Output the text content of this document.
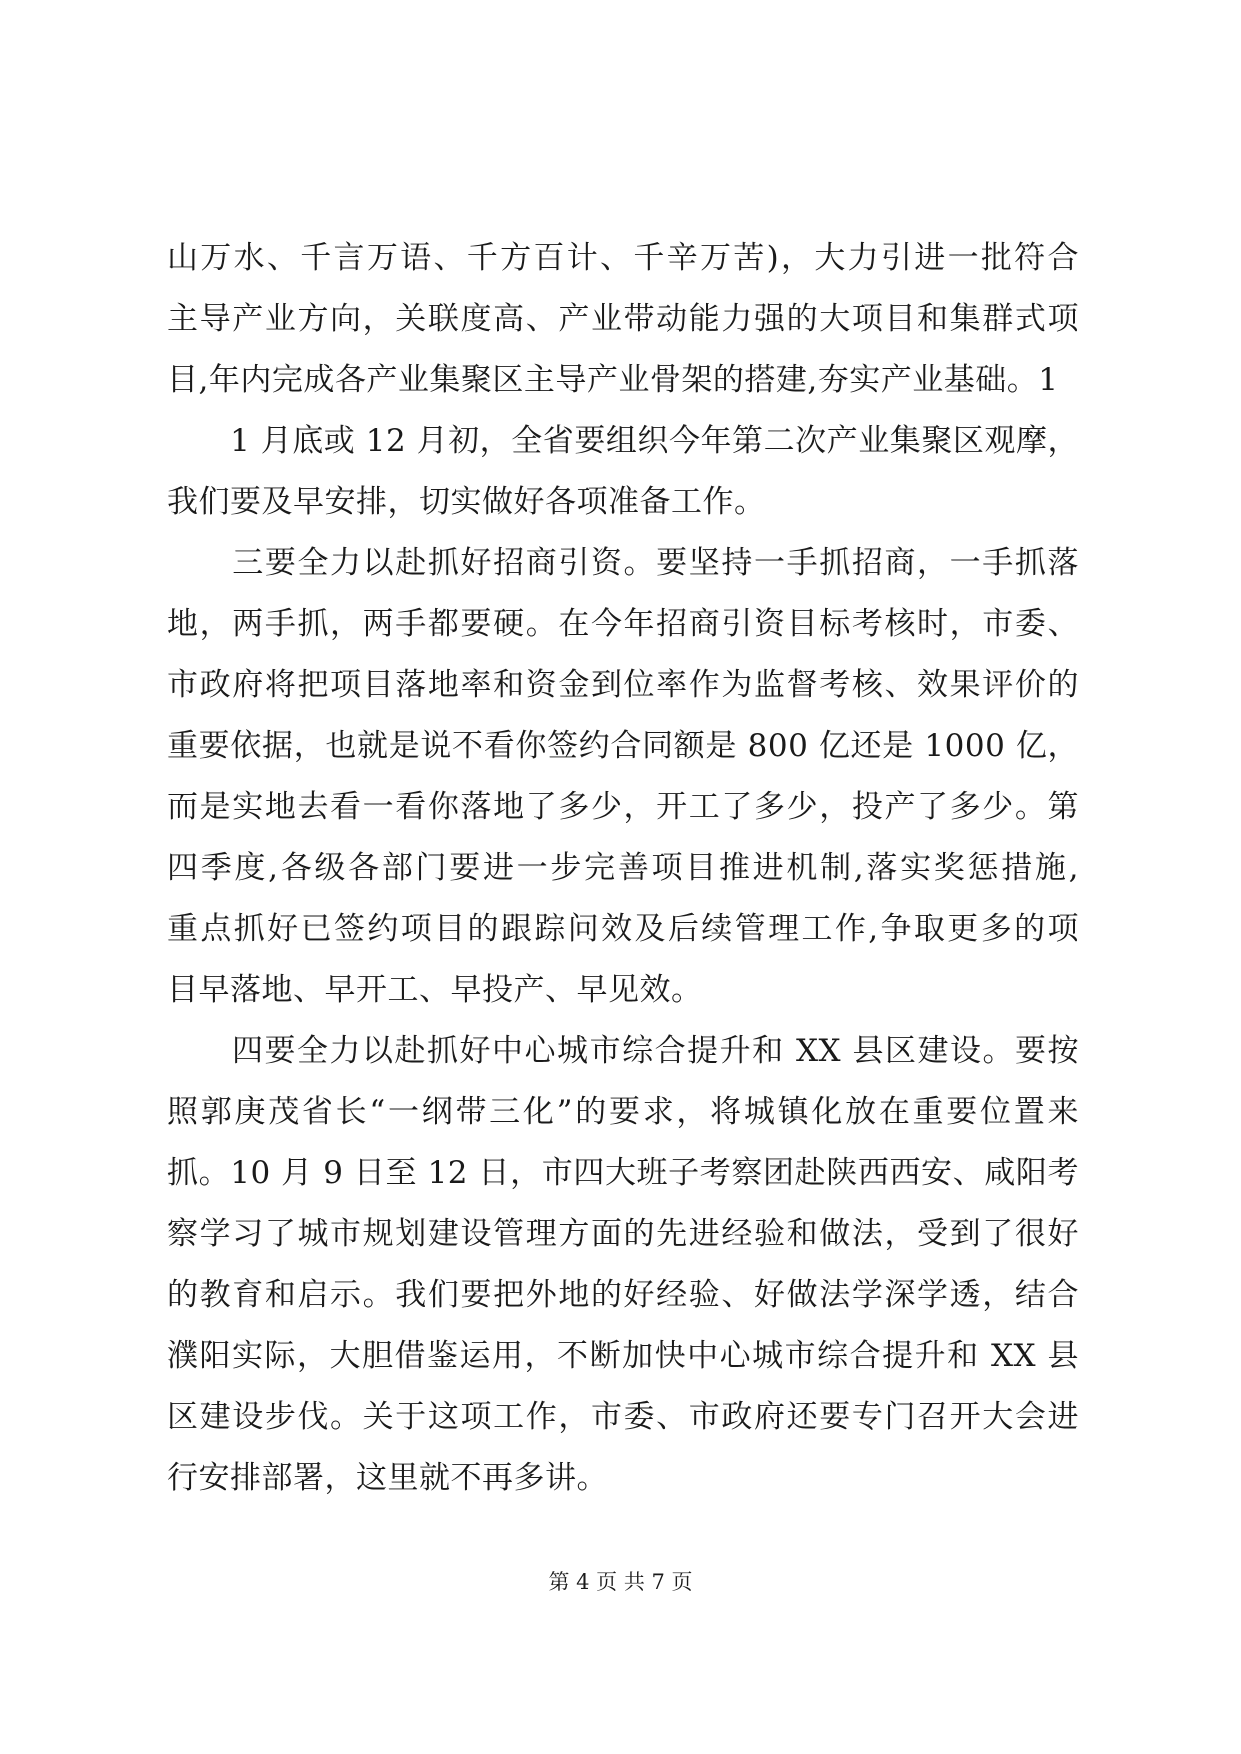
山万水、千言万语、千方百计、千辛万苦)，大力引进一批符合
主导产业方向，关联度高、产业带动能力强的大项目和集群式项
目,年内完成各产业集聚区主导产业骨架的搭建,夯实产业基础。1
　　1 月底或 12 月初，全省要组织今年第二次产业集聚区观摩，
我们要及早安排，切实做好各项准备工作。
　　三要全力以赴抓好招商引资。要坚持一手抓招商，一手抓落
地，两手抓，两手都要硬。在今年招商引资目标考核时，市委、
市政府将把项目落地率和资金到位率作为监督考核、效果评价的
重要依据，也就是说不看你签约合同额是 800 亿还是 1000 亿，
而是实地去看一看你落地了多少，开工了多少，投产了多少。第
四季度,各级各部门要进一步完善项目推进机制,落实奖惩措施,
重点抓好已签约项目的跟踪问效及后续管理工作,争取更多的项
目早落地、早开工、早投产、早见效。
　　四要全力以赴抓好中心城市综合提升和 XX 县区建设。要按
照郭庚茂省长“一纲带三化”的要求，将城镇化放在重要位置来
抓。10 月 9 日至 12 日，市四大班子考察团赴陕西西安、咸阳考
察学习了城市规划建设管理方面的先进经验和做法，受到了很好
的教育和启示。我们要把外地的好经验、好做法学深学透，结合
濮阳实际，大胆借鉴运用，不断加快中心城市综合提升和 XX 县
区建设步伐。关于这项工作，市委、市政府还要专门召开大会进
行安排部署，这里就不再多讲。
第 4 页 共 7 页
